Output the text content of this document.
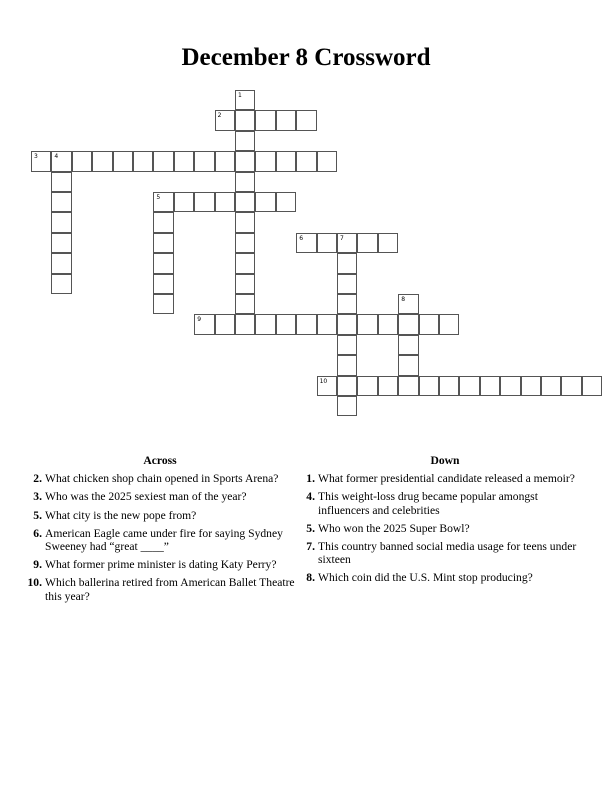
December 8 Crossword
1
2
3	4
5
6	7
8
9
10
Across
2. What chicken shop chain opened in Sports Arena?
3. Who was the 2025 sexiest man of the year?
5. What city is the new pope from?
6. American Eagle came under fire for saying Sydney Sweeney had “great ____”
9. What former prime minister is dating Katy Perry?
10. Which ballerina retired from American Ballet Theatre this year?
Down
1. What former presidential candidate released a memoir?
4. This weight-loss drug became popular amongst influencers and celebrities
5. Who won the 2025 Super Bowl?
7. This country banned social media usage for teens under sixteen
8. Which coin did the U.S. Mint stop producing?
